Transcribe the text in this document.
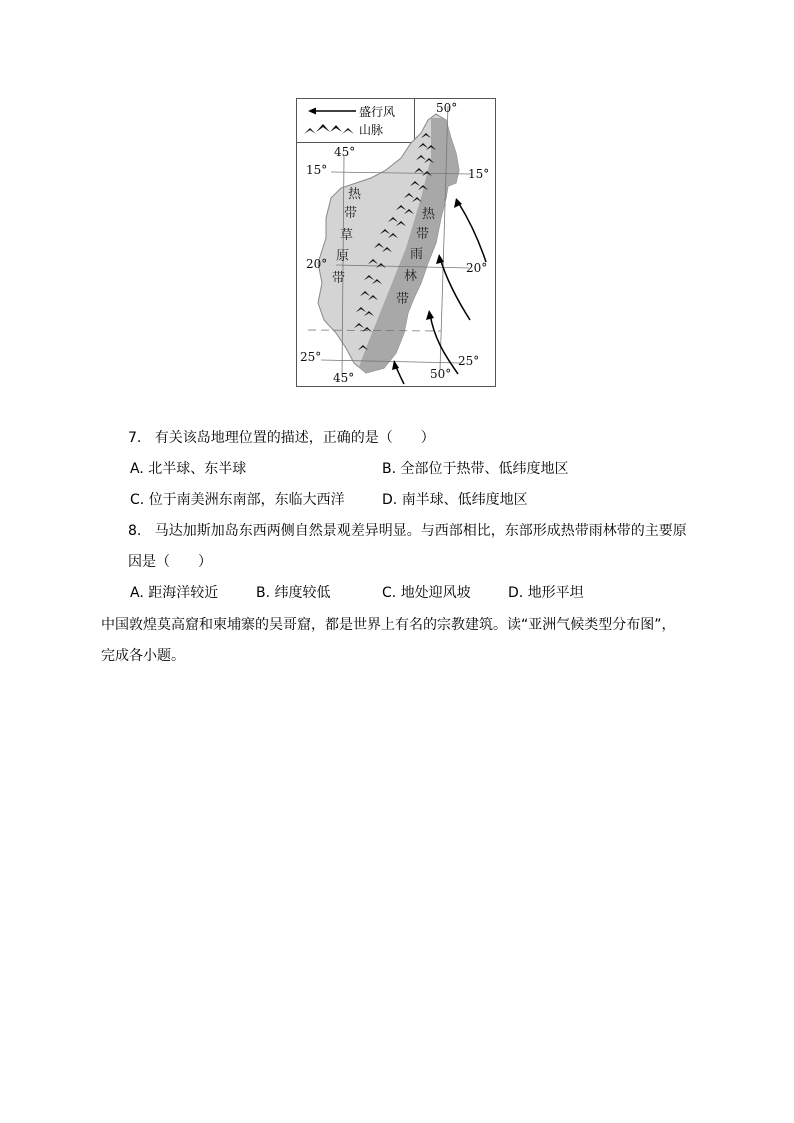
盛行风
山脉
热
带
草
原
带
热
带
雨
林
带
50°
45°
15°	15°
20°	20°
25°	25°
45°	50°
7. 有关该岛地理位置的描述，正确的是（　　）
A. 北半球、东半球	B. 全部位于热带、低纬度地区
C. 位于南美洲东南部，东临大西洋	D. 南半球、低纬度地区
8. 马达加斯加岛东西两侧自然景观差异明显。与西部相比，东部形成热带雨林带的主要原
因是（　　）
A. 距海洋较近	B. 纬度较低	C. 地处迎风坡	D. 地形平坦
中国敦煌莫高窟和柬埔寨的吴哥窟，都是世界上有名的宗教建筑。读“亚洲气候类型分布图”，
完成各小题。
